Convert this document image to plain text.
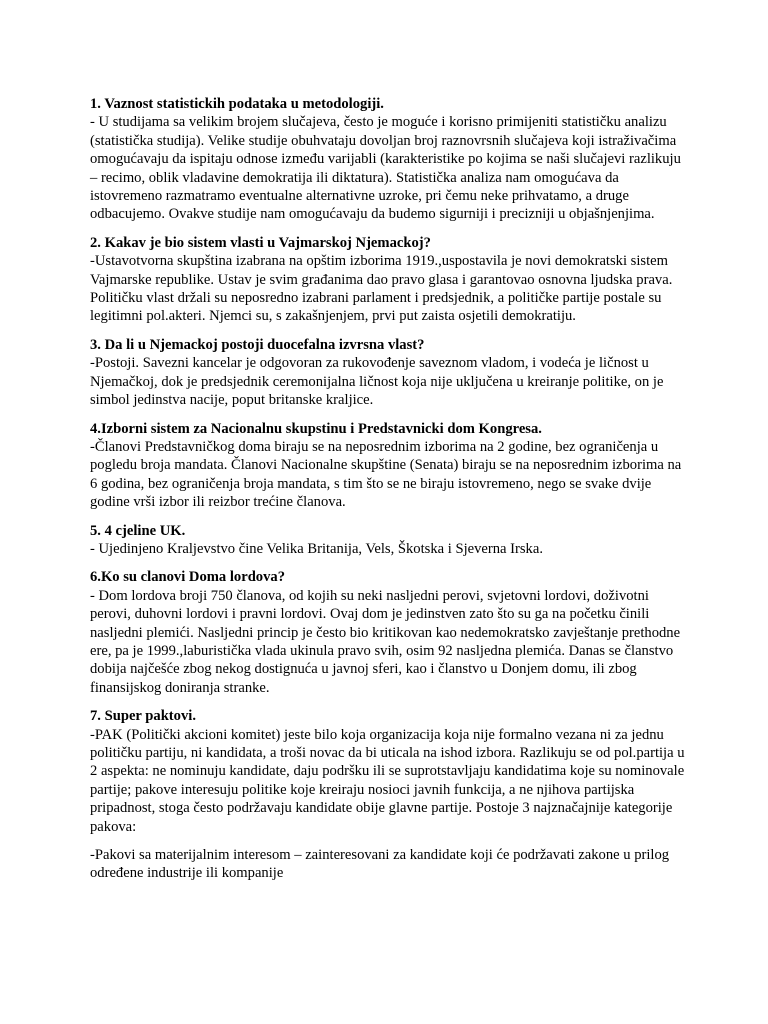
1. Vaznost statistickih podataka u metodologiji.

- U studijama sa velikim brojem slučajeva, često je moguće i korisno primijeniti statističku analizu (statistička studija). Velike studije obuhvataju dovoljan broj raznovrsnih slučajeva koji istraživačima omogućavaju da ispitaju odnose između varijabli (karakteristike po kojima se naši slučajevi razlikuju – recimo, oblik vladavine demokratija ili diktatura). Statistička analiza nam omogućava da istovremeno razmatramo eventualne alternativne uzroke, pri čemu neke prihvatamo, a druge odbacujemo. Ovakve studije nam omogućavaju da budemo sigurniji i precizniji u objašnjenjima.

2. Kakav je bio sistem vlasti u Vajmarskoj Njemackoj?

-Ustavotvorna skupština izabrana na opštim izborima 1919.,uspostavila je novi demokratski sistem Vajmarske republike. Ustav je svim građanima dao pravo glasa i garantovao osnovna ljudska prava. Političku vlast držali su neposredno izabrani parlament i predsjednik, a političke partije postale su legitimni pol.akteri. Njemci su, s zakašnjenjem, prvi put zaista osjetili demokratiju.

3. Da li u Njemackoj postoji duocefalna izvrsna vlast?

-Postoji. Savezni kancelar je odgovoran za rukovođenje saveznom vladom, i vodeća je ličnost u Njemačkoj, dok je predsjednik ceremonijalna ličnost koja nije uključena u kreiranje politike, on je simbol jedinstva nacije, poput britanske kraljice.

4.Izborni sistem za Nacionalnu skupstinu i Predstavnicki dom Kongresa.

-Članovi Predstavničkog doma biraju se na neposrednim izborima na 2 godine, bez ograničenja u pogledu broja mandata. Članovi Nacionalne skupštine (Senata) biraju se na neposrednim izborima na 6 godina, bez ograničenja broja mandata, s tim što se ne biraju istovremeno, nego se svake dvije godine vrši izbor ili reizbor trećine članova.

5. 4 cjeline UK.

- Ujedinjeno Kraljevstvo čine Velika Britanija, Vels, Škotska i Sjeverna Irska.

6.Ko su clanovi Doma lordova?

- Dom lordova broji 750 članova, od kojih su neki nasljedni perovi, svjetovni lordovi, doživotni perovi, duhovni lordovi i pravni lordovi. Ovaj dom je jedinstven zato što su ga na početku činili nasljedni plemići. Nasljedni princip je često bio kritikovan kao nedemokratsko zavještanje prethodne ere, pa je 1999.,laburistička vlada ukinula pravo svih, osim 92 nasljedna plemića. Danas se članstvo dobija najčešće zbog nekog dostignuća u javnoj sferi, kao i članstvo u Donjem domu, ili zbog finansijskog doniranja stranke.

7. Super paktovi.

-PAK (Politički akcioni komitet) jeste bilo koja organizacija koja nije formalno vezana ni za jednu političku partiju, ni kandidata, a troši novac da bi uticala na ishod izbora. Razlikuju se od pol.partija u 2 aspekta: ne nominuju kandidate, daju podršku ili se suprotstavljaju kandidatima koje su nominovale partije; pakove interesuju politike koje kreiraju nosioci javnih funkcija, a ne njihova partijska pripadnost, stoga često podržavaju kandidate obije glavne partije. Postoje 3 najznačajnije kategorije pakova:

-Pakovi sa materijalnim interesom – zainteresovani za kandidate koji će podržavati zakone u prilog određene industrije ili kompanije
